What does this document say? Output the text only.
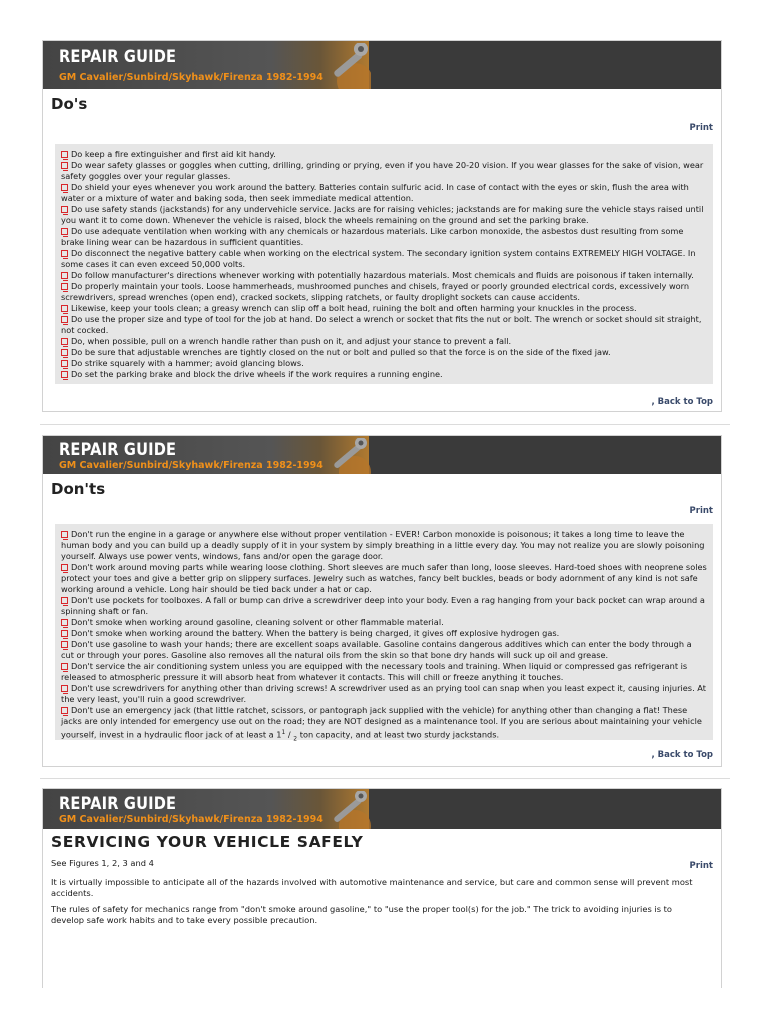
REPAIR GUIDE
GM Cavalier/Sunbird/Skyhawk/Firenza 1982-1994
Do's
Print
Do keep a fire extinguisher and first aid kit handy.
Do wear safety glasses or goggles when cutting, drilling, grinding or prying, even if you have 20-20 vision. If you wear glasses for the sake of vision, wear safety goggles over your regular glasses.
Do shield your eyes whenever you work around the battery. Batteries contain sulfuric acid. In case of contact with the eyes or skin, flush the area with water or a mixture of water and baking soda, then seek immediate medical attention.
Do use safety stands (jackstands) for any undervehicle service. Jacks are for raising vehicles; jackstands are for making sure the vehicle stays raised until you want it to come down. Whenever the vehicle is raised, block the wheels remaining on the ground and set the parking brake.
Do use adequate ventilation when working with any chemicals or hazardous materials. Like carbon monoxide, the asbestos dust resulting from some brake lining wear can be hazardous in sufficient quantities.
Do disconnect the negative battery cable when working on the electrical system. The secondary ignition system contains EXTREMELY HIGH VOLTAGE. In some cases it can even exceed 50,000 volts.
Do follow manufacturer's directions whenever working with potentially hazardous materials. Most chemicals and fluids are poisonous if taken internally.
Do properly maintain your tools. Loose hammerheads, mushroomed punches and chisels, frayed or poorly grounded electrical cords, excessively worn screwdrivers, spread wrenches (open end), cracked sockets, slipping ratchets, or faulty droplight sockets can cause accidents.
Likewise, keep your tools clean; a greasy wrench can slip off a bolt head, ruining the bolt and often harming your knuckles in the process.
Do use the proper size and type of tool for the job at hand. Do select a wrench or socket that fits the nut or bolt. The wrench or socket should sit straight, not cocked.
Do, when possible, pull on a wrench handle rather than push on it, and adjust your stance to prevent a fall.
Do be sure that adjustable wrenches are tightly closed on the nut or bolt and pulled so that the force is on the side of the fixed jaw.
Do strike squarely with a hammer; avoid glancing blows.
Do set the parking brake and block the drive wheels if the work requires a running engine.
, Back to Top
REPAIR GUIDE
GM Cavalier/Sunbird/Skyhawk/Firenza 1982-1994
Don'ts
Print
Don't run the engine in a garage or anywhere else without proper ventilation - EVER! Carbon monoxide is poisonous; it takes a long time to leave the human body and you can build up a deadly supply of it in your system by simply breathing in a little every day. You may not realize you are slowly poisoning yourself. Always use power vents, windows, fans and/or open the garage door.
Don't work around moving parts while wearing loose clothing. Short sleeves are much safer than long, loose sleeves. Hard-toed shoes with neoprene soles protect your toes and give a better grip on slippery surfaces. Jewelry such as watches, fancy belt buckles, beads or body adornment of any kind is not safe working around a vehicle. Long hair should be tied back under a hat or cap.
Don't use pockets for toolboxes. A fall or bump can drive a screwdriver deep into your body. Even a rag hanging from your back pocket can wrap around a spinning shaft or fan.
Don't smoke when working around gasoline, cleaning solvent or other flammable material.
Don't smoke when working around the battery. When the battery is being charged, it gives off explosive hydrogen gas.
Don't use gasoline to wash your hands; there are excellent soaps available. Gasoline contains dangerous additives which can enter the body through a cut or through your pores. Gasoline also removes all the natural oils from the skin so that bone dry hands will suck up oil and grease.
Don't service the air conditioning system unless you are equipped with the necessary tools and training. When liquid or compressed gas refrigerant is released to atmospheric pressure it will absorb heat from whatever it contacts. This will chill or freeze anything it touches.
Don't use screwdrivers for anything other than driving screws! A screwdriver used as an prying tool can snap when you least expect it, causing injuries. At the very least, you'll ruin a good screwdriver.
Don't use an emergency jack (that little ratchet, scissors, or pantograph jack supplied with the vehicle) for anything other than changing a flat! These jacks are only intended for emergency use out on the road; they are NOT designed as a maintenance tool. If you are serious about maintaining your vehicle yourself, invest in a hydraulic floor jack of at least a $1^1 / _2$ ton capacity, and at least two sturdy jackstands.
, Back to Top
REPAIR GUIDE
GM Cavalier/Sunbird/Skyhawk/Firenza 1982-1994
SERVICING YOUR VEHICLE SAFELY
Print
See Figures 1, 2, 3 and 4
It is virtually impossible to anticipate all of the hazards involved with automotive maintenance and service, but care and common sense will prevent most accidents.
The rules of safety for mechanics range from "don't smoke around gasoline," to "use the proper tool(s) for the job." The trick to avoiding injuries is to develop safe work habits and to take every possible precaution.
